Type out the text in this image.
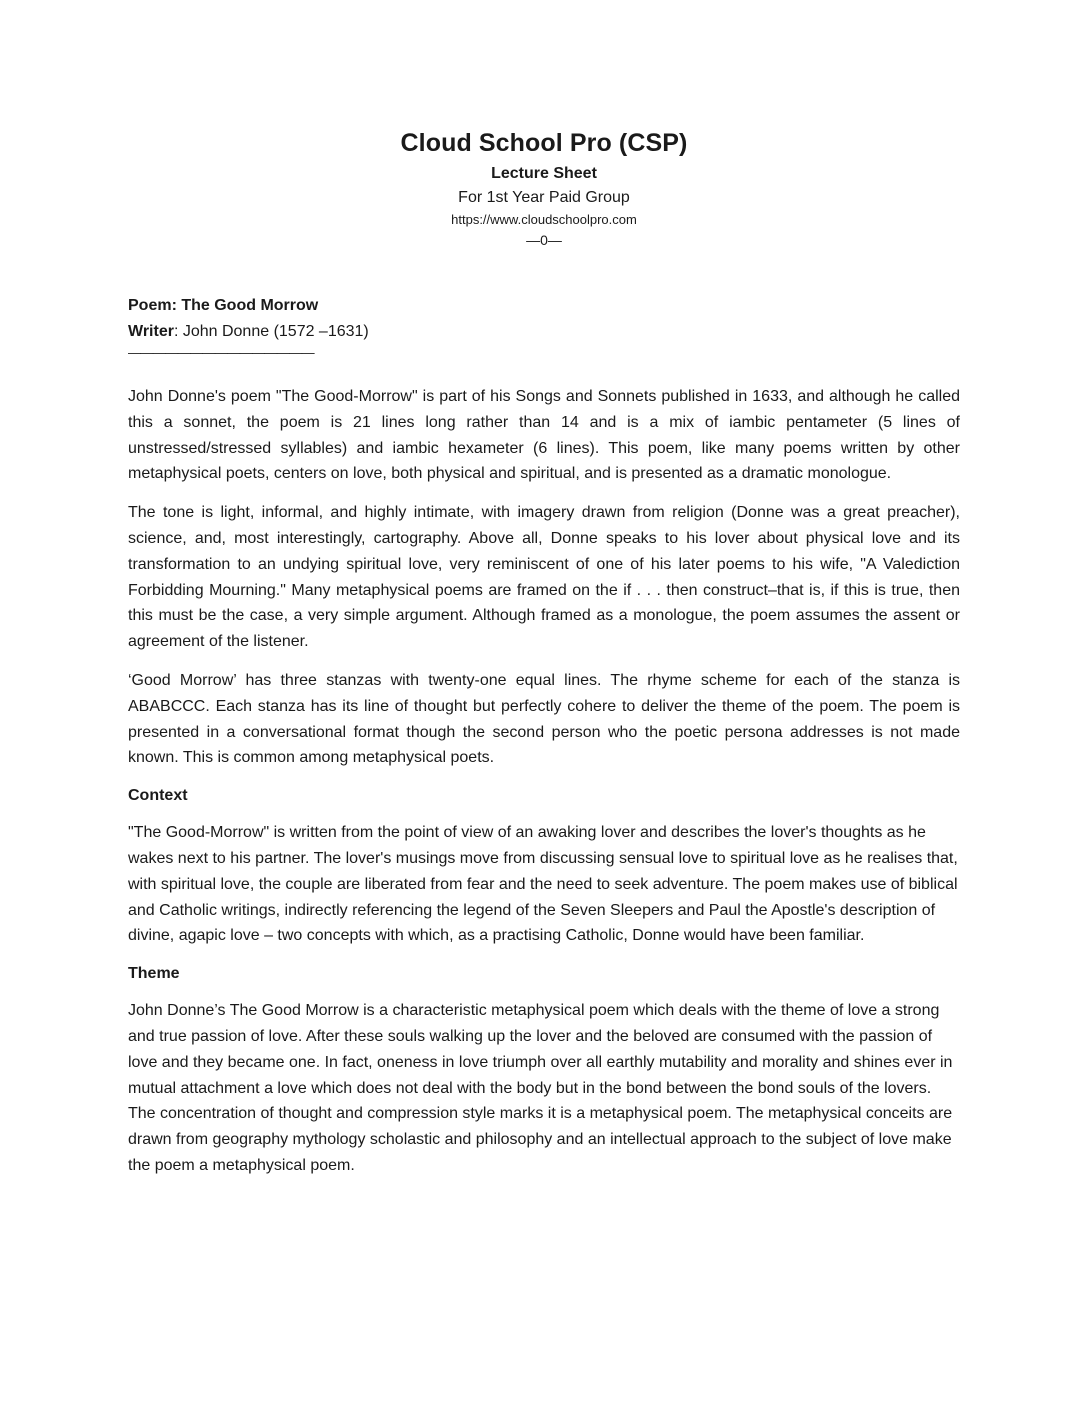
Cloud School Pro (CSP)
Lecture Sheet
For 1st Year Paid Group
https://www.cloudschoolpro.com
—0—
Poem: The Good Morrow
Writer: John Donne (1572 –1631)
———————————————

John Donne's poem "The Good-Morrow" is part of his Songs and Sonnets published in 1633, and although he called this a sonnet, the poem is 21 lines long rather than 14 and is a mix of iambic pentameter (5 lines of unstressed/stressed syllables) and iambic hexameter (6 lines). This poem, like many poems written by other metaphysical poets, centers on love, both physical and spiritual, and is presented as a dramatic monologue.

The tone is light, informal, and highly intimate, with imagery drawn from religion (Donne was a great preacher), science, and, most interestingly, cartography. Above all, Donne speaks to his lover about physical love and its transformation to an undying spiritual love, very reminiscent of one of his later poems to his wife, "A Valediction Forbidding Mourning." Many metaphysical poems are framed on the if . . . then construct–that is, if this is true, then this must be the case, a very simple argument. Although framed as a monologue, the poem assumes the assent or agreement of the listener.

‘Good Morrow’ has three stanzas with twenty-one equal lines. The rhyme scheme for each of the stanza is ABABCCC. Each stanza has its line of thought but perfectly cohere to deliver the theme of the poem. The poem is presented in a conversational format though the second person who the poetic persona addresses is not made known. This is common among metaphysical poets.

Context

"The Good-Morrow" is written from the point of view of an awaking lover and describes the lover's thoughts as he wakes next to his partner. The lover's musings move from discussing sensual love to spiritual love as he realises that, with spiritual love, the couple are liberated from fear and the need to seek adventure. The poem makes use of biblical and Catholic writings, indirectly referencing the legend of the Seven Sleepers and Paul the Apostle's description of divine, agapic love – two concepts with which, as a practising Catholic, Donne would have been familiar.

Theme

John Donne’s The Good Morrow is a characteristic metaphysical poem which deals with the theme of love a strong and true passion of love. After these souls walking up the lover and the beloved are consumed with the passion of love and they became one. In fact, oneness in love triumph over all earthly mutability and morality and shines ever in mutual attachment a love which does not deal with the body but in the bond between the bond souls of the lovers. The concentration of thought and compression style marks it is a metaphysical poem. The metaphysical conceits are drawn from geography mythology scholastic and philosophy and an intellectual approach to the subject of love make the poem a metaphysical poem.
